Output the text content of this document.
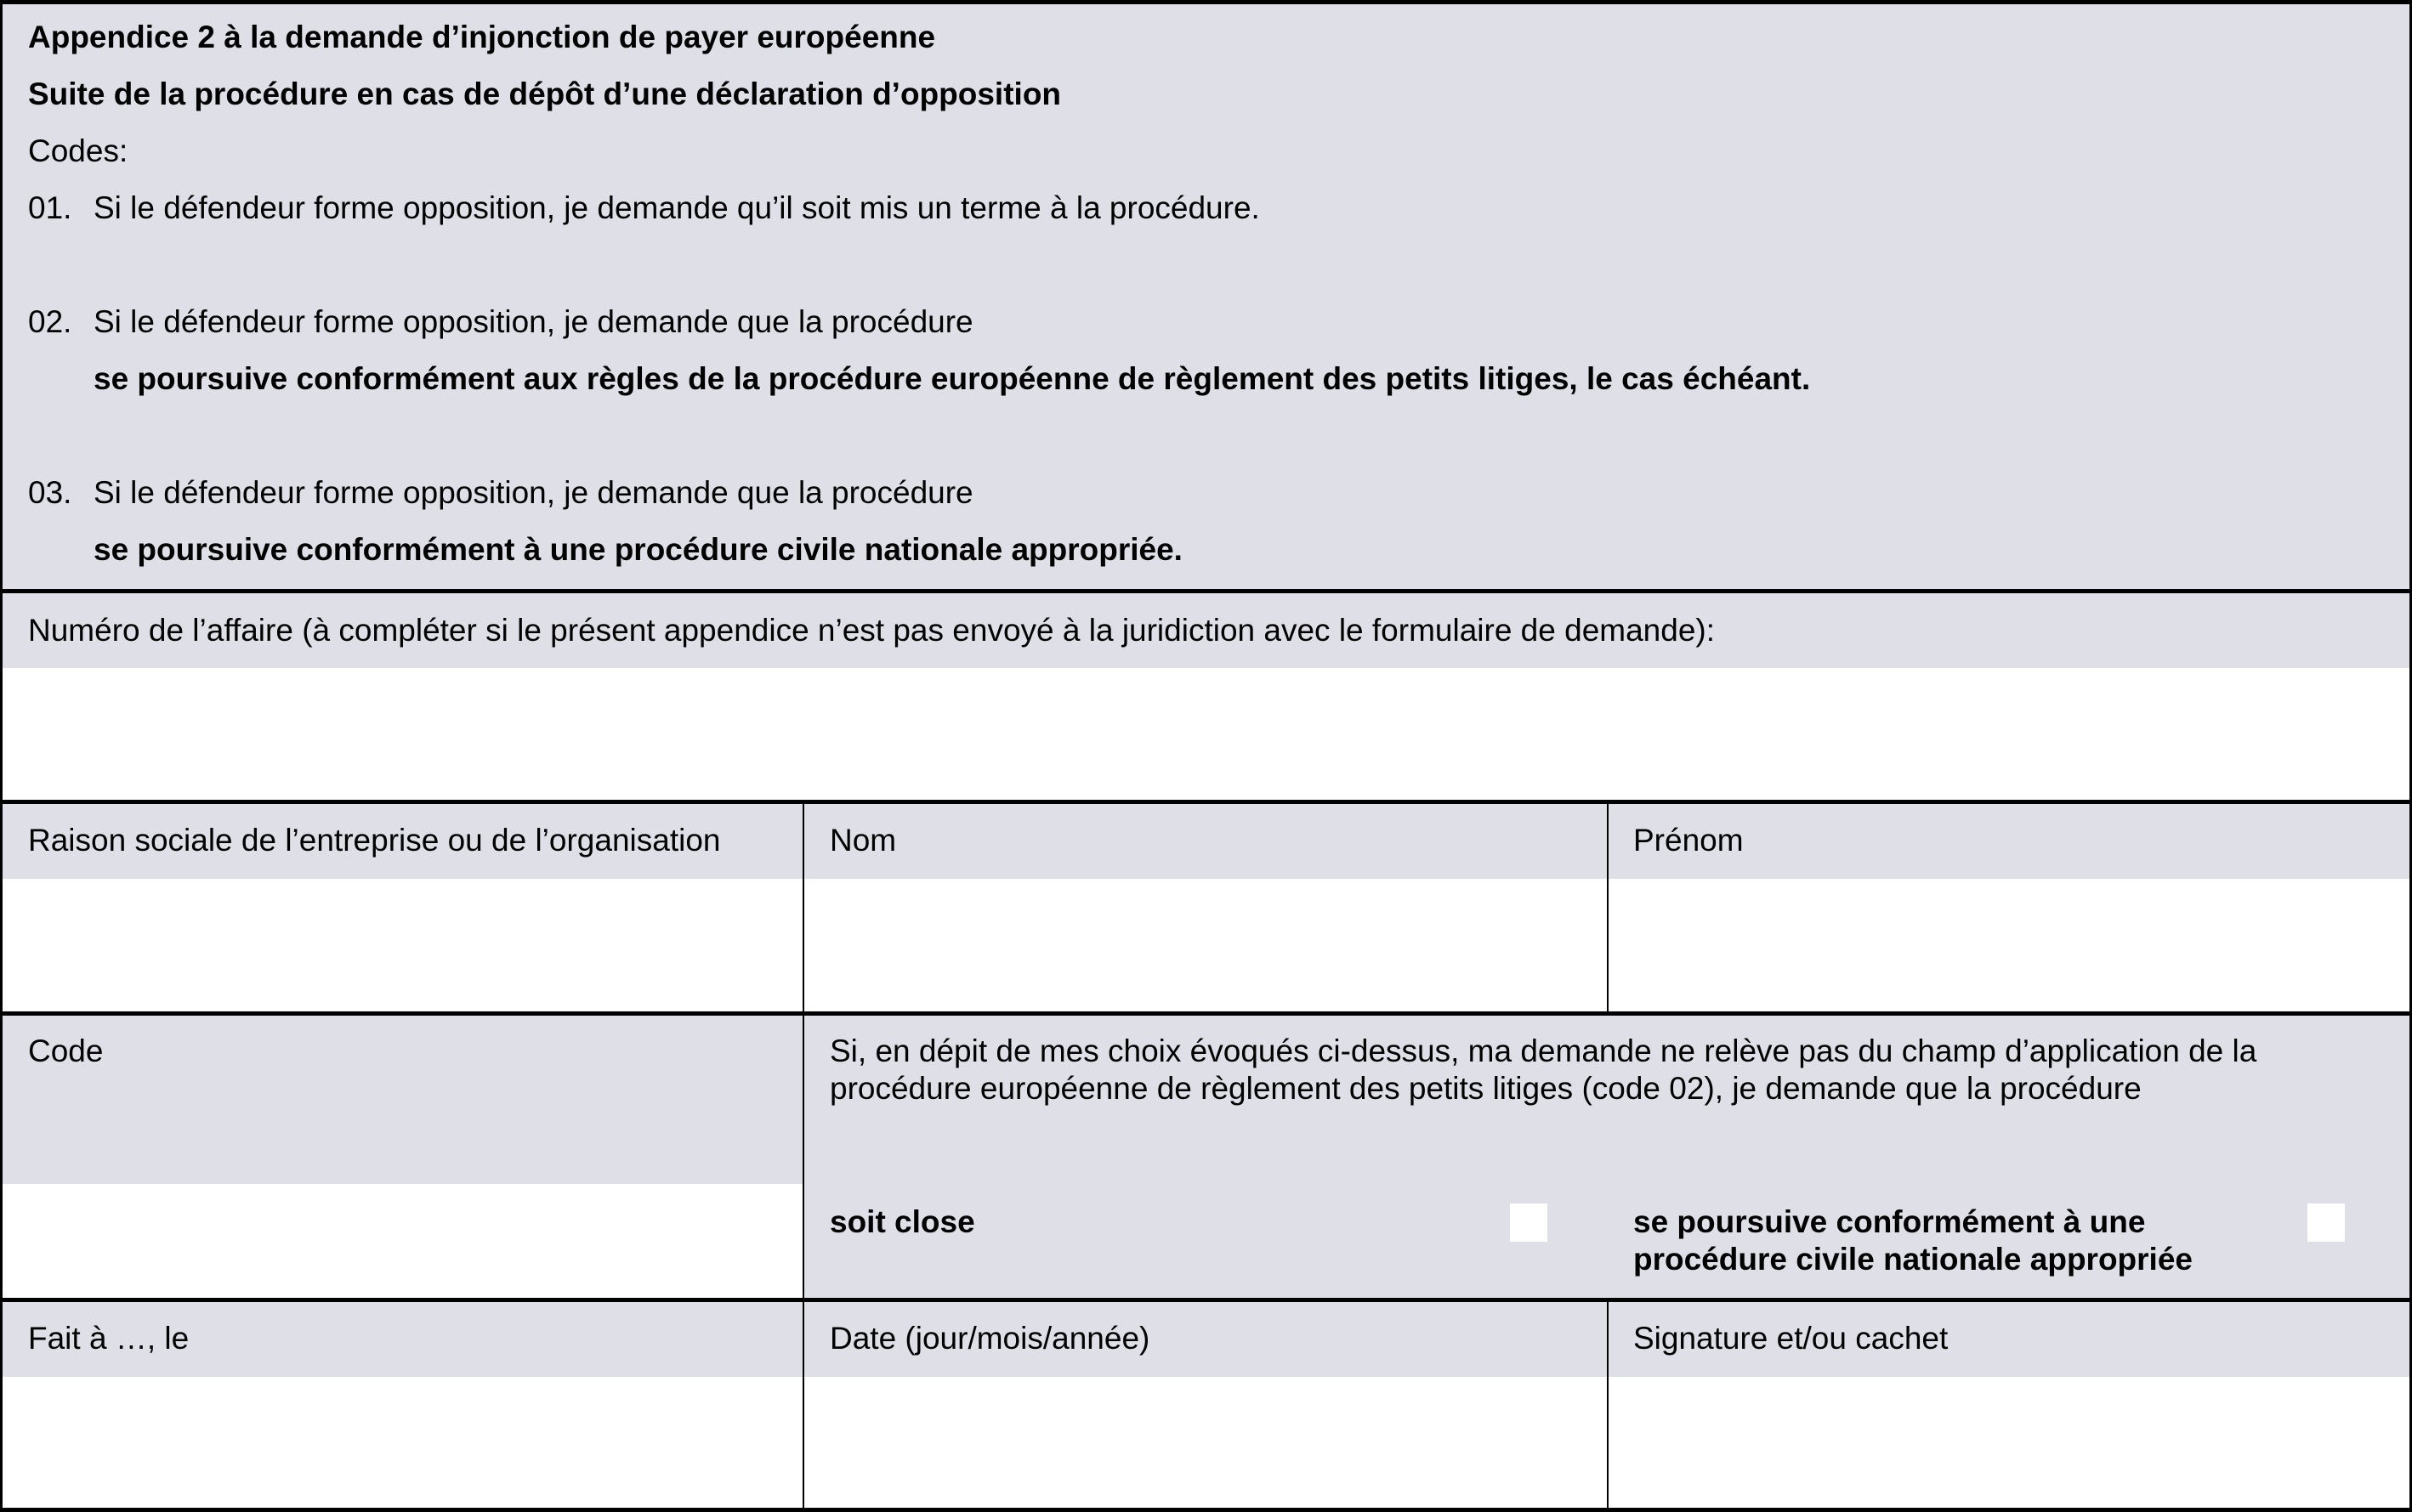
Appendice 2 à la demande d’injonction de payer européenne
Suite de la procédure en cas de dépôt d’une déclaration d’opposition
Codes:
01. Si le défendeur forme opposition, je demande qu’il soit mis un terme à la procédure.
02. Si le défendeur forme opposition, je demande que la procédure
se poursuive conformément aux règles de la procédure européenne de règlement des petits litiges, le cas échéant.
03. Si le défendeur forme opposition, je demande que la procédure
se poursuive conformément à une procédure civile nationale appropriée.
Numéro de l’affaire (à compléter si le présent appendice n’est pas envoyé à la juridiction avec le formulaire de demande):
Raison sociale de l’entreprise ou de l’organisation	Nom	Prénom
Code	Si, en dépit de mes choix évoqués ci-dessus, ma demande ne relève pas du champ d’application de la procédure européenne de règlement des petits litiges (code 02), je demande que la procédure
soit close	se poursuive conformément à une procédure civile nationale appropriée
Fait à …, le	Date (jour/mois/année)	Signature et/ou cachet
